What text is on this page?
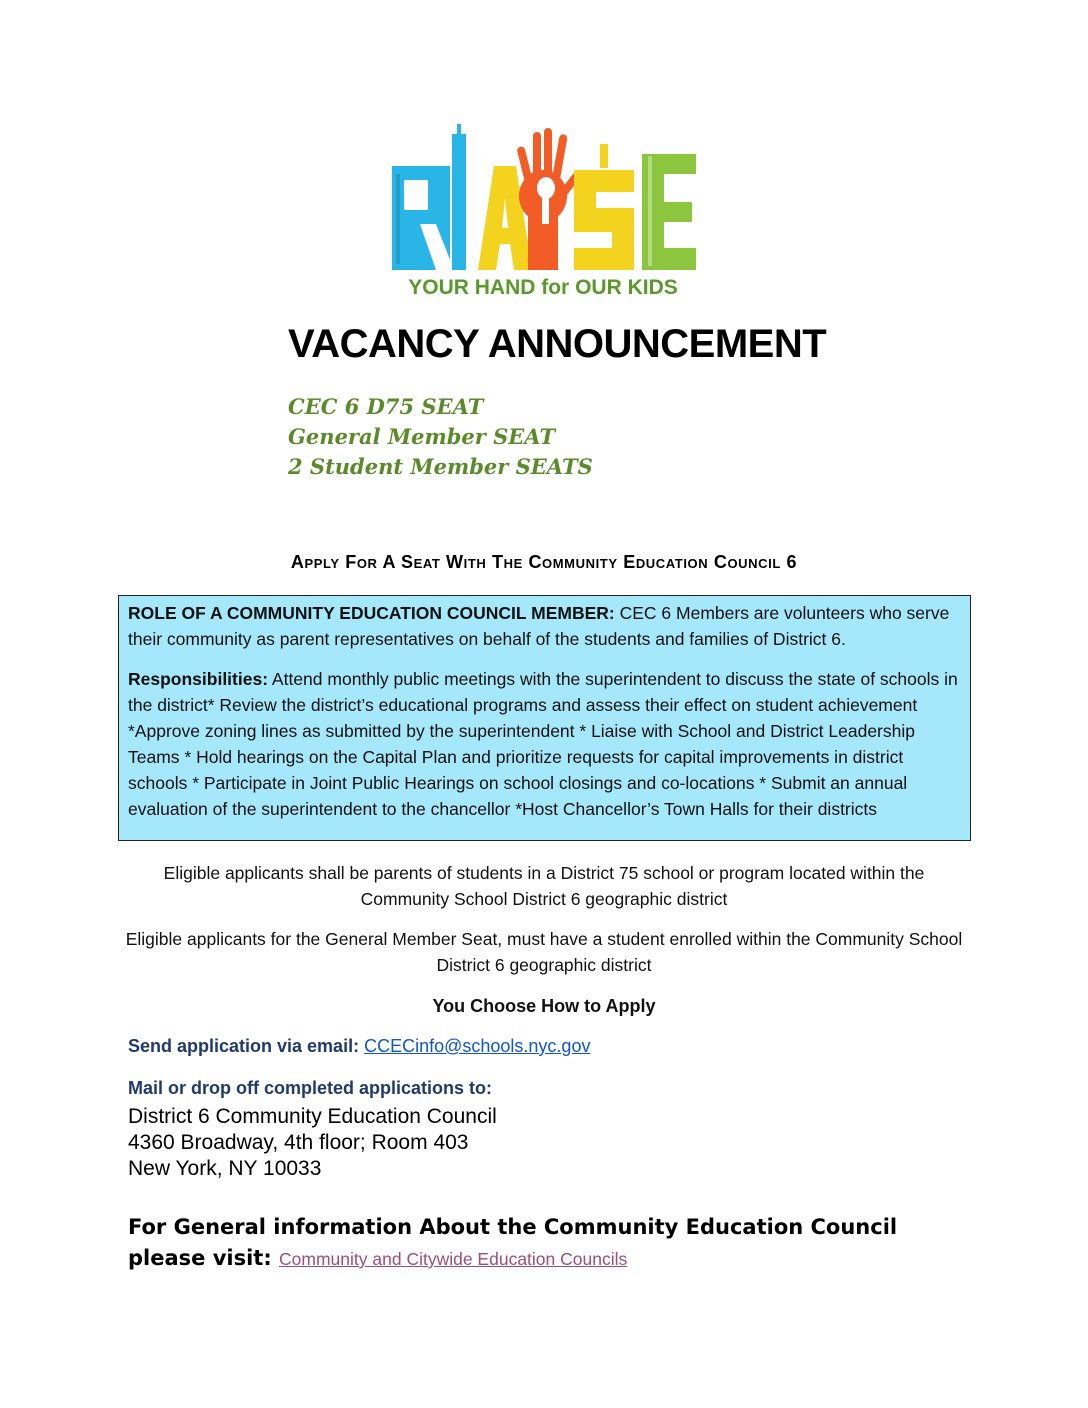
YOUR HAND for OUR KIDS
VACANCY ANNOUNCEMENT
CEC 6 D75 SEAT
General Member SEAT
2 Student Member SEATS
Apply For A Seat With The Community Education Council 6

ROLE OF A COMMUNITY EDUCATION COUNCIL MEMBER: CEC 6 Members are volunteers who serve their community as parent representatives on behalf of the students and families of District 6.

Responsibilities: Attend monthly public meetings with the superintendent to discuss the state of schools in the district* Review the district’s educational programs and assess their effect on student achievement *Approve zoning lines as submitted by the superintendent * Liaise with School and District Leadership Teams * Hold hearings on the Capital Plan and prioritize requests for capital improvements in district schools * Participate in Joint Public Hearings on school closings and co-locations * Submit an annual evaluation of the superintendent to the chancellor *Host Chancellor’s Town Halls for their districts

Eligible applicants shall be parents of students in a District 75 school or program located within the Community School District 6 geographic district
Eligible applicants for the General Member Seat, must have a student enrolled within the Community School District 6 geographic district
You Choose How to Apply
Send application via email: CCECinfo@schools.nyc.gov
Mail or drop off completed applications to:
District 6 Community Education Council
4360 Broadway, 4th floor; Room 403
New York, NY 10033
For General information About the Community Education Council
please visit: Community and Citywide Education Councils
